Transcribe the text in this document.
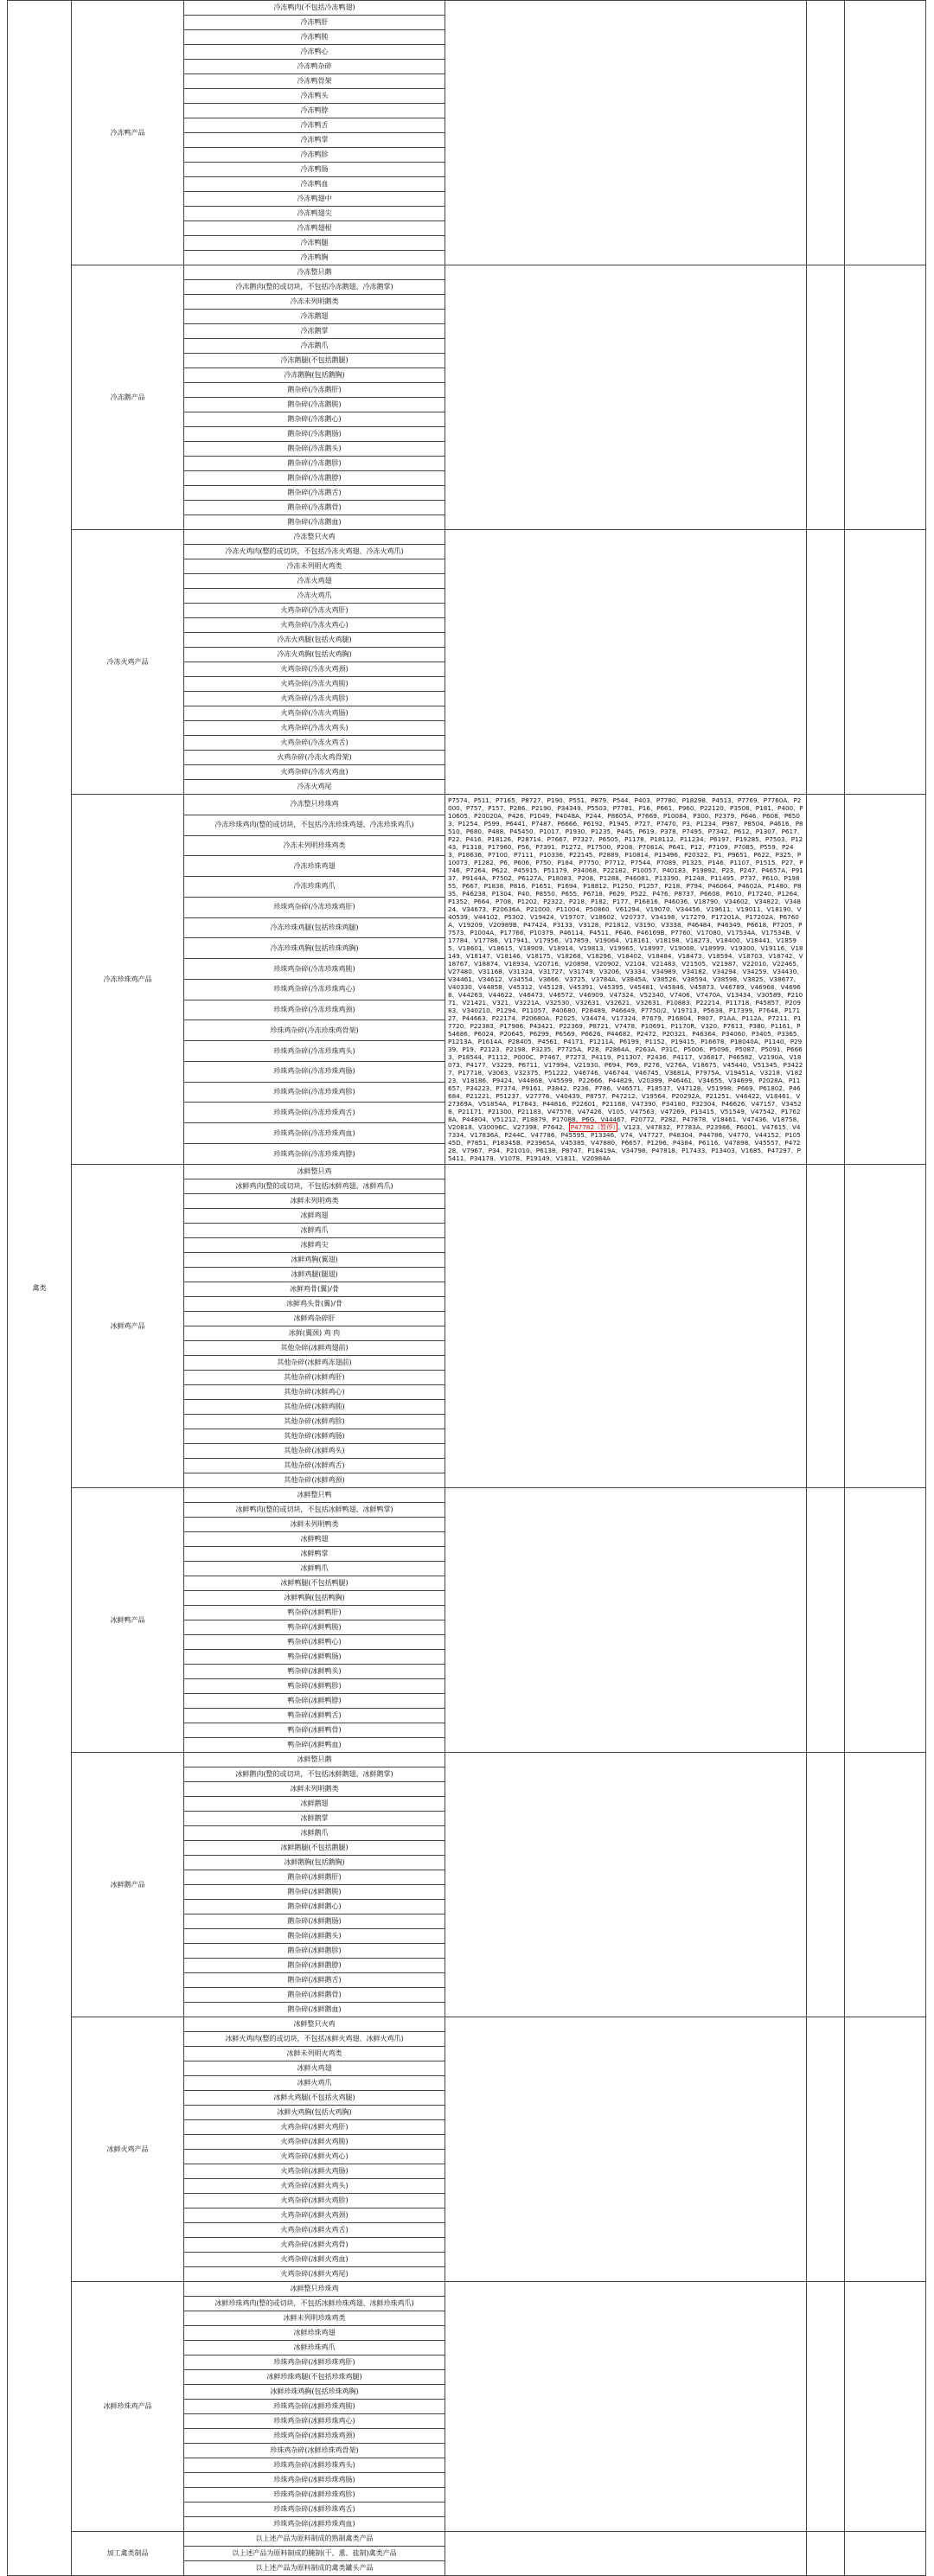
禽类	冷冻鸭产品	冷冻鸭肉(不包括冷冻鸭翅)			
		冷冻鸭肝			
		冷冻鸭肫			
		冷冻鸭心			
		冷冻鸭杂碎			
		冷冻鸭骨架			
		冷冻鸭头			
		冷冻鸭脖			
		冷冻鸭舌			
		冷冻鸭掌			
		冷冻鸭胗			
		冷冻鸭肠			
		冷冻鸭血			
		冷冻鸭翅中			
		冷冻鸭翅尖			
		冷冻鸭翅根			
		冷冻鸭腿			
		冷冻鸭胸			
	冷冻鹅产品	冷冻整只鹅			
		冷冻鹅肉(整的或切块，不包括冷冻鹅翅、冷冻鹅掌)			
		冷冻未列明鹅类			
		冷冻鹅翅			
		冷冻鹅掌			
		冷冻鹅爪			
		冷冻鹅腿(不包括鹅腿)			
		冷冻鹅胸(包括鹅胸)			
		鹅杂碎(冷冻鹅肝)			
		鹅杂碎(冷冻鹅肫)			
		鹅杂碎(冷冻鹅心)			
		鹅杂碎(冷冻鹅肠)			
		鹅杂碎(冷冻鹅头)			
		鹅杂碎(冷冻鹅胗)			
		鹅杂碎(冷冻鹅脖)			
		鹅杂碎(冷冻鹅舌)			
		鹅杂碎(冷冻鹅骨)			
		鹅杂碎(冷冻鹅血)			
	冷冻火鸡产品	冷冻整只火鸡			
		冷冻火鸡肉(整的或切块，不包括冷冻火鸡翅、冷冻火鸡爪)			
		冷冻未列明火鸡类			
		冷冻火鸡翅			
		冷冻火鸡爪			
		火鸡杂碎(冷冻火鸡肝)			
		火鸡杂碎(冷冻火鸡心)			
		冷冻火鸡腿(包括火鸡腿)			
		冷冻火鸡胸(包括火鸡胸)			
		火鸡杂碎(冷冻火鸡颈)			
		火鸡杂碎(冷冻火鸡肫)			
		火鸡杂碎(冷冻火鸡胗)			
		火鸡杂碎(冷冻火鸡肠)			
		火鸡杂碎(冷冻火鸡头)			
		火鸡杂碎(冷冻火鸡舌)			
		火鸡杂碎(冷冻火鸡骨架)			
		火鸡杂碎(冷冻火鸡血)			
		冷冻火鸡尾			
	冷冻珍珠鸡产品	冷冻整只珍珠鸡	P7574、P511、P7165、P8727、P190、P551、P879、P544、P403、P7780、P18298、P4513、P7769、P7760A、P2000、P757、P157、P286、P2190、P34349、P5503、P7781、P16、P661、P960、P22120、P3508、P181、P400、P10605、P20020A、P426、P1049、P4048A、P244、P8605A、P7669、P10084、P300、P2379、P646、P608、P6503、P1254、P599、P6441、P7487、P6666、P6192、P1945、P727、P7470、P3、P1234、P987、P8504、P4616、P8510、P680、P488、P45450、P1017、P1930、P1235、P445、P619、P378、P7495、P7342、P612、P1307、P617、P22、P416、P18126、P28714、P7667、P7327、P6505、P1178、P18112、P11234、P6197、P19285、P7503、P1243、P1318、P17960、P56、P7391、P1272、P17500、P208、P7081A、P641、P12、P7109、P7085、P559、P243、P18636、P7100、P7111、P10336、P22145、P2889、P10814、P13496、P20322、P1、P9651、P622、P325、P10073、P1282、P6、P606、P750、P184、P7750、P7712、P7544、P7089、P1325、P146、P1107、P1515、P27、P746、P7264、P622、P45915、P51179、P34068、P22182、P10057、P40183、P19892、P23、P247、P4657A、P9137、P9144A、P7502、P6127A、P18083、P208、P1288、P46081、P13390、P1248、P11495、P737、P610、P19855、P667、P1838、P816、P1651、P1694、P18812、P1250、P1257、P218、P794、P46064、P4602A、P1480、P835、P46238、P1304、P40、P8550、P655、P6718、P629、P522、P476、P8737、P6608、P610、P17240、P1264、P1352、P664、P708、P1202、P2322、P218、P182、P177、P16816、P46036、V18790、V34602、V34822、V34824、V34673、P20636A、P21000、P11004、P50860、V61294、V19070、V34456、V19611、V19011、V18190、V40539、V44102、P5302、V19424、V19707、V18602、V20737、V34198、V17279、P17201A、P17202A、P6760A、V19209、V20989B、P47424、P3133、V3128、P21812、V3190、V3338、P46484、P46349、P6618、P7205、P7573、P1004A、P17766、P10379、P46114、P4511、P646、P46169B、P7760、V17080、V17534A、V17534B、V17784、V17786、V17941、V17956、V17859、V19064、V18161、V18198、V18273、V18400、V18441、V18595、V18601、V18615、V18909、V18914、V19813、V19965、V18997、V19008、V18999、V19300、V19116、V18149、V18147、V18146、V18175、V18268、V18296、V18402、V18484、V18473、V18594、V18703、V18742、V18767、V18874、V18934、V20716、V20898、V20902、V2104、V21483、V21505、V21987、V22010、V22465、V27480、V31168、V31324、V31727、V31749、V3206、V3334、V34989、V34182、V34294、V34259、V34430、V34461、V34612、V34554、V3666、V3725、V3784A、V3845A、V38526、V38594、V38598、V3825、V38677、V40330、V44858、V45312、V45128、V45391、V45395、V45481、V45846、V45873、V46789、V46968、V46968、V44263、V44622、V46473、V46572、V46909、V47324、V52340、V7406、V7470A、V13434、V30589、P21071、V21421、V321、V3221A、V32530、V32631、V32621、V32631、P10883、P22214、P11718、P45857、P20983、V340210、P1294、P11057、P40680、P28489、P46649、P7750/2、V19713、P5638、P17399、P7648、P17127、P44663、P22174、P20680A、P2025、V34474、V17324、P7679、P16804、P807、P1AA、P112A、P7211、P17720、P22383、P17986、P43421、P22369、P8721、V7478、P10691、P1170R、V320、P7613、P380、P1161、P54686、P6024、P20645、P6299、P6569、P6626、P44682、P2472、P20321、P46364、P34060、P3405、P3365、P1213A、P1614A、P28405、P4561、P4171、P1211A、P6199、P1152、P19415、P16678、P18040A、P1140、P2939、P19、P2123、P2198、P3235、P7725A、P28、P2864A、P263A、P31C、P5006、P5096、P5087、P5091、P6663、P18544、P1112、P000C、P7467、P7273、P4119、P11307、P2436、P4117、V36817、P46582、V2190A、V18073、P4177、V3229、P6711、V17994、V21930、P694、P69、P276、V276A、V18675、V45440、V51345、P34227、P17718、V3063、V32375、P51222、V46746、V46744、V46745、V3681A、P7975A、V19451A、V3218、V18223、V18186、P9424、V44868、V45599、P22666、P44829、V20399、P46461、V34655、V34699、P2028A、P11657、P34223、P7374、P9161、P3842、P236、P786、V46571、P18537、V47128、V51998、P669、P61802、P46684、P21221、P51237、V27776、V40439、P8757、P47212、V19564、P20292A、P21251、V46422、V18461、V27369A、V51854A、P17843、P44816、P22601、P21168、V47390、P34180、P32304、P46626、V47157、V34528、P21171、P21300、P21183、V47576、V47426、V105、V47563、V47269、P13415、V51549、V47542、P17628A、P44804、V51212、P18879、P17088、P6G、V44467、P20772、P282、P47878、V18461、V47436、V18758、V20818、V30096C、V27398、P7642、 P47782（暂停） 、V123、V47832、P7783A、P23986、P6001、V47615、V47334、V17836A、P244C、V47786、P45595、P13346、V74、V47727、P48304、P44786、V4770、V44152、P10545D、P7851、P18345B、P23965A、V45385、V47880、P6657、P1296、P4384、P6116、V47898、V45557、P47228、V7967、P34、P21010、P6138、P8747、P18419A、V34798、P47818、P17433、P13403、V1685、P47297、P5411、P34178、V1078、P19149、V1811、V20984A		
		冷冻珍珠鸡肉(整的或切块，不包括冷冻珍珠鸡翅、冷冻珍珠鸡爪)			
		冷冻未列明珍珠鸡类			
		冷冻珍珠鸡翅			
		冷冻珍珠鸡爪			
		珍珠鸡杂碎(冷冻珍珠鸡肝)			
		冷冻珍珠鸡腿(包括珍珠鸡腿)			
		冷冻珍珠鸡胸(包括珍珠鸡胸)			
		珍珠鸡杂碎(冷冻珍珠鸡肫)			
		珍珠鸡杂碎(冷冻珍珠鸡心)			
		珍珠鸡杂碎(冷冻珍珠鸡颈)			
		珍珠鸡杂碎(冷冻珍珠鸡骨架)			
		珍珠鸡杂碎(冷冻珍珠鸡头)			
		珍珠鸡杂碎(冷冻珍珠鸡肠)			
		珍珠鸡杂碎(冷冻珍珠鸡胗)			
		珍珠鸡杂碎(冷冻珍珠鸡舌)			
		珍珠鸡杂碎(冷冻珍珠鸡血)			
		珍珠鸡杂碎(冷冻珍珠鸡脖)			
	冰鲜鸡产品	冰鲜整只鸡			
		冰鲜鸡肉(整的或切块，不包括冰鲜鸡翅、冰鲜鸡爪)			
		冰鲜未列明鸡类			
		冰鲜鸡翅			
		冰鲜鸡爪			
		冰鲜鸡尖			
		冰鲜鸡胸(翼翅)			
		冰鲜鸡腿(腿翅)			
		冰鲜鸡骨(翼)/骨			
		冰鲜鸡头骨(翼)/骨			
		冰鲜鸡杂碎肝			
		冰鲜(翼颈) 鸡 肉			
		其他杂碎(冰鲜鸡翅前)			
		其他杂碎(冰鲜鸡冻翅前)			
		其他杂碎(冰鲜鸡肝)			
		其他杂碎(冰鲜鸡心)			
		其他杂碎(冰鲜鸡肫)			
		其他杂碎(冰鲜鸡胗)			
		其他杂碎(冰鲜鸡肠)			
		其他杂碎(冰鲜鸡头)			
		其他杂碎(冰鲜鸡舌)			
		其他杂碎(冰鲜鸡颈)			
	冰鲜鸭产品	冰鲜整只鸭			
		冰鲜鸭肉(整的或切块，不包括冰鲜鸭翅、冰鲜鸭掌)			
		冰鲜未列明鸭类			
		冰鲜鸭翅			
		冰鲜鸭掌			
		冰鲜鸭爪			
		冰鲜鸭腿(不包括鸭腿)			
		冰鲜鸭胸(包括鸭胸)			
		鸭杂碎(冰鲜鸭肝)			
		鸭杂碎(冰鲜鸭肫)			
		鸭杂碎(冰鲜鸭心)			
		鸭杂碎(冰鲜鸭肠)			
		鸭杂碎(冰鲜鸭头)			
		鸭杂碎(冰鲜鸭胗)			
		鸭杂碎(冰鲜鸭脖)			
		鸭杂碎(冰鲜鸭舌)			
		鸭杂碎(冰鲜鸭骨)			
		鸭杂碎(冰鲜鸭血)			
	冰鲜鹅产品	冰鲜整只鹅			
		冰鲜鹅肉(整的或切块，不包括冰鲜鹅翅、冰鲜鹅掌)			
		冰鲜未列明鹅类			
		冰鲜鹅翅			
		冰鲜鹅掌			
		冰鲜鹅爪			
		冰鲜鹅腿(不包括鹅腿)			
		冰鲜鹅胸(包括鹅胸)			
		鹅杂碎(冰鲜鹅肝)			
		鹅杂碎(冰鲜鹅肫)			
		鹅杂碎(冰鲜鹅心)			
		鹅杂碎(冰鲜鹅肠)			
		鹅杂碎(冰鲜鹅头)			
		鹅杂碎(冰鲜鹅胗)			
		鹅杂碎(冰鲜鹅脖)			
		鹅杂碎(冰鲜鹅舌)			
		鹅杂碎(冰鲜鹅骨)			
		鹅杂碎(冰鲜鹅血)			
	冰鲜火鸡产品	冰鲜整只火鸡			
		冰鲜火鸡肉(整的或切块，不包括冰鲜火鸡翅、冰鲜火鸡爪)			
		冰鲜未列明火鸡类			
		冰鲜火鸡翅			
		冰鲜火鸡爪			
		冰鲜火鸡腿(不包括火鸡腿)			
		冰鲜火鸡胸(包括火鸡胸)			
		火鸡杂碎(冰鲜火鸡肝)			
		火鸡杂碎(冰鲜火鸡肫)			
		火鸡杂碎(冰鲜火鸡心)			
		火鸡杂碎(冰鲜火鸡肠)			
		火鸡杂碎(冰鲜火鸡头)			
		火鸡杂碎(冰鲜火鸡胗)			
		火鸡杂碎(冰鲜火鸡颈)			
		火鸡杂碎(冰鲜火鸡舌)			
		火鸡杂碎(冰鲜火鸡骨)			
		火鸡杂碎(冰鲜火鸡血)			
		火鸡杂碎(冰鲜火鸡尾)			
	冰鲜珍珠鸡产品	冰鲜整只珍珠鸡			
		冰鲜珍珠鸡肉(整的或切块，不包括冰鲜珍珠鸡翅、冰鲜珍珠鸡爪)			
		冰鲜未列明珍珠鸡类			
		冰鲜珍珠鸡翅			
		冰鲜珍珠鸡爪			
		珍珠鸡杂碎(冰鲜珍珠鸡肝)			
		冰鲜珍珠鸡腿(不包括珍珠鸡腿)			
		冰鲜珍珠鸡胸(包括珍珠鸡胸)			
		珍珠鸡杂碎(冰鲜珍珠鸡肫)			
		珍珠鸡杂碎(冰鲜珍珠鸡心)			
		珍珠鸡杂碎(冰鲜珍珠鸡颈)			
		珍珠鸡杂碎(冰鲜珍珠鸡骨架)			
		珍珠鸡杂碎(冰鲜珍珠鸡头)			
		珍珠鸡杂碎(冰鲜珍珠鸡肠)			
		珍珠鸡杂碎(冰鲜珍珠鸡胗)			
		珍珠鸡杂碎(冰鲜珍珠鸡舌)			
		珍珠鸡杂碎(冰鲜珍珠鸡血)			
	加工禽类制品	以上述产品为原料制成的熟制禽类产品			
		以上述产品为原料制成的腌制(干、熏、盐制)禽类产品			
		以上述产品为原料制成的禽类罐头产品			
